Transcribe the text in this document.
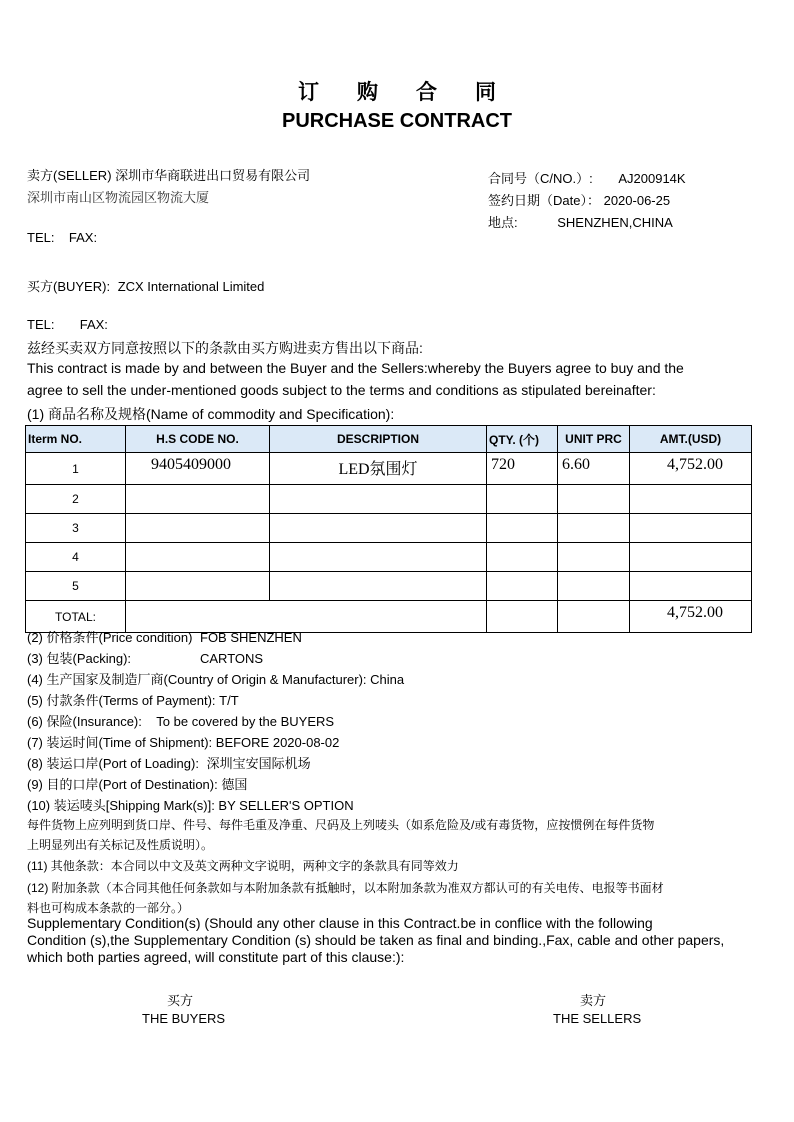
订 购 合 同
PURCHASE CONTRACT
卖方(SELLER) 深圳市华商联进出口贸易有限公司
深圳市南山区物流园区物流大厦
TEL:    FAX:
合同号（C/NO.）: AJ200914K
签约日期（Date）： 2020-06-25
地点:	SHENZHEN,CHINA
买方(BUYER): ZCX International Limited
TEL:       FAX:
兹经买卖双方同意按照以下的条款由买方购进卖方售出以下商品:
This contract is made by and between the Buyer and the Sellers:whereby the Buyers agree to buy and the
agree to sell the under-mentioned goods subject to the terms and conditions as stipulated bereinafter:
(1) 商品名称及规格(Name of commodity and Specification):
Iterm NO.	H.S CODE NO.	DESCRIPTION	QTY. (个)	UNIT PRC	AMT.(USD)
1	9405409000	LED氛围灯	720	6.60	4,752.00
2					
3					
4					
5					
TOTAL:					4,752.00
(2) 价格条件(Price condition) FOB SHENZHEN
(3) 包装(Packing):	CARTONS
(4) 生产国家及制造厂商(Country of Origin & Manufacturer): China
(5) 付款条件(Terms of Payment): T/T
(6) 保险(Insurance):    To be covered by the BUYERS
(7) 装运时间(Time of Shipment): BEFORE 2020-08-02
(8) 装运口岸(Port of Loading): 深圳宝安国际机场
(9) 目的口岸(Port of Destination): 德国
(10) 装运唛头[Shipping Mark(s)]: BY SELLER'S OPTION
每件货物上应列明到货口岸、件号、每件毛重及净重、尺码及上列唛头（如系危险及/或有毒货物，应按惯例在每件货物
上明显列出有关标记及性质说明）。
(11) 其他条款：本合同以中文及英文两种文字说明，两种文字的条款具有同等效力
(12) 附加条款（本合同其他任何条款如与本附加条款有抵触时，以本附加条款为准双方都认可的有关电传、电报等书面材
料也可构成本条款的一部分。）
Supplementary Condition(s) (Should any other clause in this Contract.be in conflice with the following
Condition (s),the Supplementary Condition (s) should be taken as final and binding.,Fax, cable and other papers,
which both parties agreed, will constitute part of this clause:):
买方
THE BUYERS
卖方
THE SELLERS
